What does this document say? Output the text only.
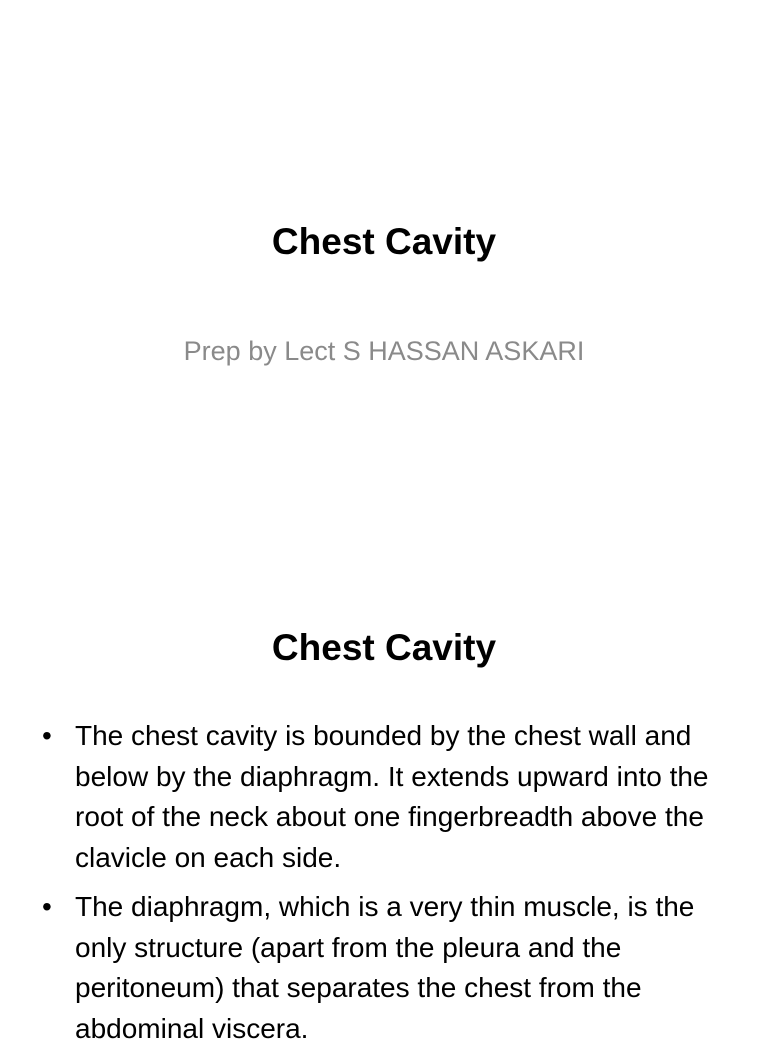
Chest Cavity

Prep by Lect S HASSAN ASKARI

Chest Cavity
• The chest cavity is bounded by the chest wall and below by the diaphragm. It extends upward into the root of the neck about one fingerbreadth above the clavicle on each side.
• The diaphragm, which is a very thin muscle, is the only structure (apart from the pleura and the peritoneum) that separates the chest from the abdominal viscera.
